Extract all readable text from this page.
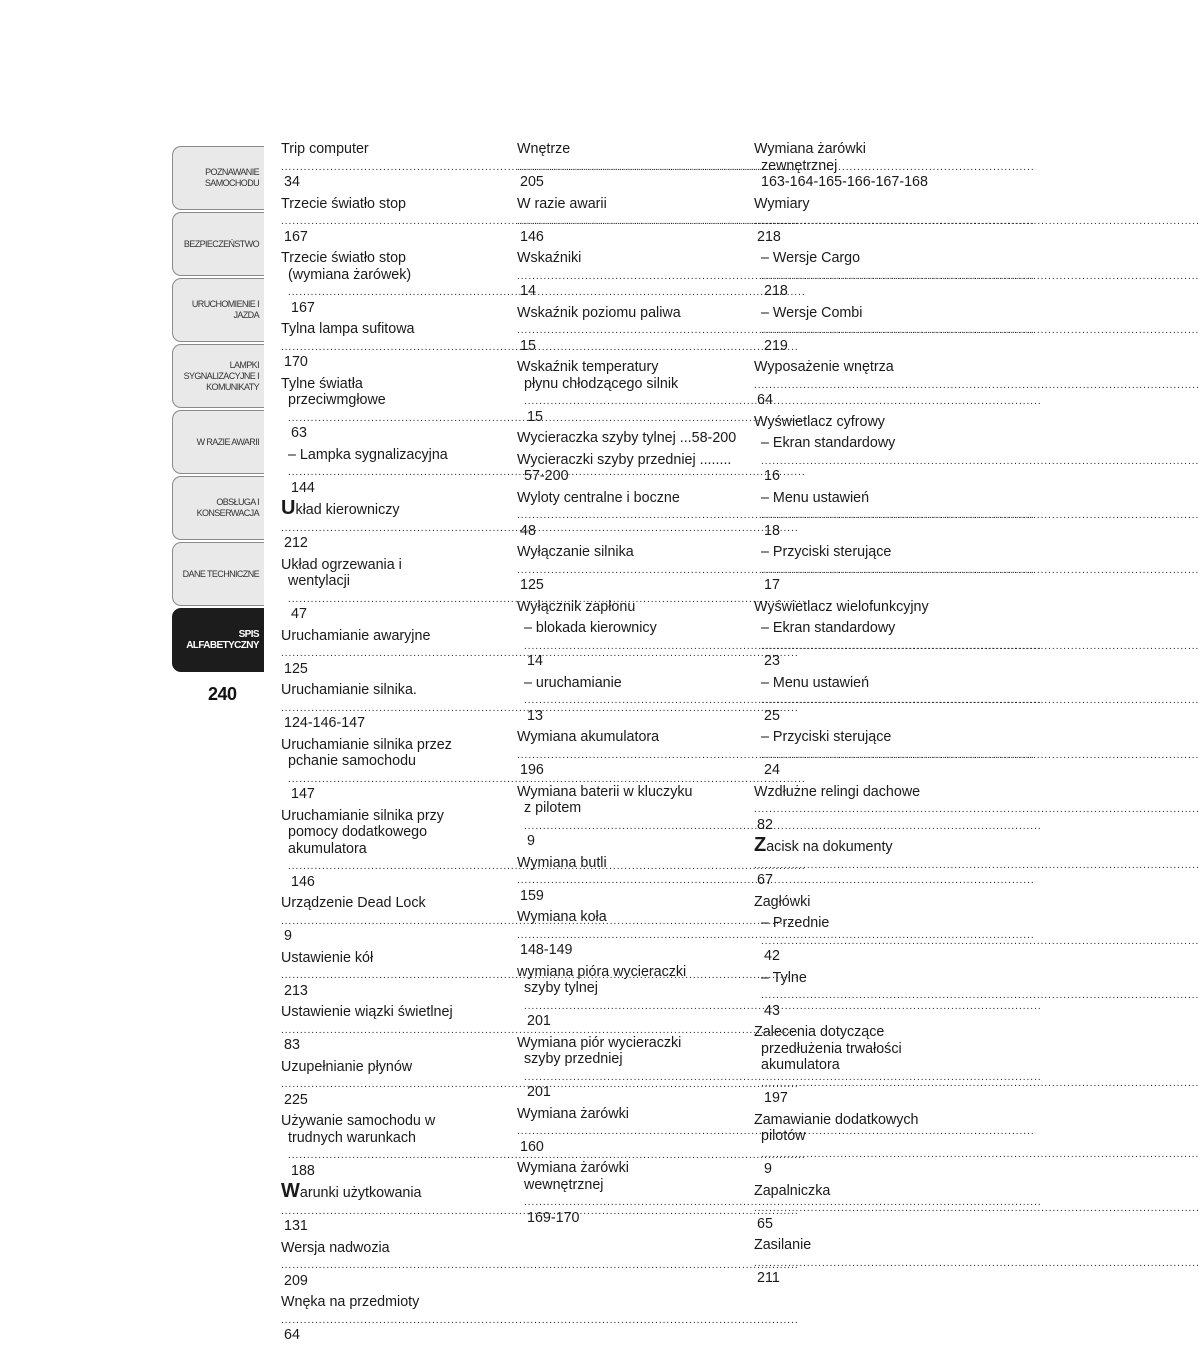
POZNAWANIE
SAMOCHODU
BEZPIECZEŃSTWO
URUCHOMIENIE I
JAZDA
LAMPKI
SYGNALIZACYJNE I
KOMUNIKATY
W RAZIE AWARII
OBSŁUGA I
KONSERWACJA
DANE TECHNICZNE
SPIS
ALFABETYCZNY
240
Trip computer..... 34
Trzecie światło stop..... 167
Trzecie światło stop
(wymiana żarówek)..... 167
Tylna lampa sufitowa..... 170
Tylne światła
przeciwmgłowe..... 63
– Lampka sygnalizacyjna..... 144
Układ kierowniczy..... 212
Układ ogrzewania i
wentylacji..... 47
Uruchamianie awaryjne..... 125
Uruchamianie silnika...... 124-146-147
Uruchamianie silnika przez
pchanie samochodu..... 147
Uruchamianie silnika przy
pomocy dodatkowego
akumulatora..... 146
Urządzenie Dead Lock..... 9
Ustawienie kół..... 213
Ustawienie wiązki świetlnej..... 83
Uzupełnianie płynów..... 225
Używanie samochodu w
trudnych warunkach..... 188
Warunki użytkowania..... 131
Wersja nadwozia..... 209
Wnęka na przedmioty..... 64
Wnętrze..... 205
W razie awarii..... 146
Wskaźniki..... 14
Wskaźnik poziomu paliwa..... 15
Wskaźnik temperatury
płynu chłodzącego silnik..... 15
Wycieraczka szyby tylnej ...58-200
Wycieraczki szyby przedniej ........
57-200
Wyloty centralne i boczne..... 48
Wyłączanie silnika..... 125
Wyłącznik zapłonu
– blokada kierownicy..... 14
– uruchamianie..... 13
Wymiana akumulatora..... 196
Wymiana baterii w kluczyku
z pilotem..... 9
Wymiana butli..... 159
Wymiana koła..... 148-149
wymiana pióra wycieraczki
szyby tylnej..... 201
Wymiana piór wycieraczki
szyby przedniej..... 201
Wymiana żarówki..... 160
Wymiana żarówki
wewnętrznej..... 169-170
Wymiana żarówki
zewnętrznej
163-164-165-166-167-168
Wymiary..... 218
– Wersje Cargo..... 218
– Wersje Combi..... 219
Wyposażenie wnętrza..... 64
Wyświetlacz cyfrowy
– Ekran standardowy..... 16
– Menu ustawień..... 18
– Przyciski sterujące..... 17
Wyświetlacz wielofunkcyjny
– Ekran standardowy..... 23
– Menu ustawień..... 25
– Przyciski sterujące..... 24
Wzdłużne relingi dachowe..... 82
Zacisk na dokumenty..... 67
Zagłówki
– Przednie..... 42
– Tylne..... 43
Zalecenia dotyczące
przedłużenia trwałości
akumulatora..... 197
Zamawianie dodatkowych
pilotów..... 9
Zapalniczka..... 65
Zasilanie..... 211
